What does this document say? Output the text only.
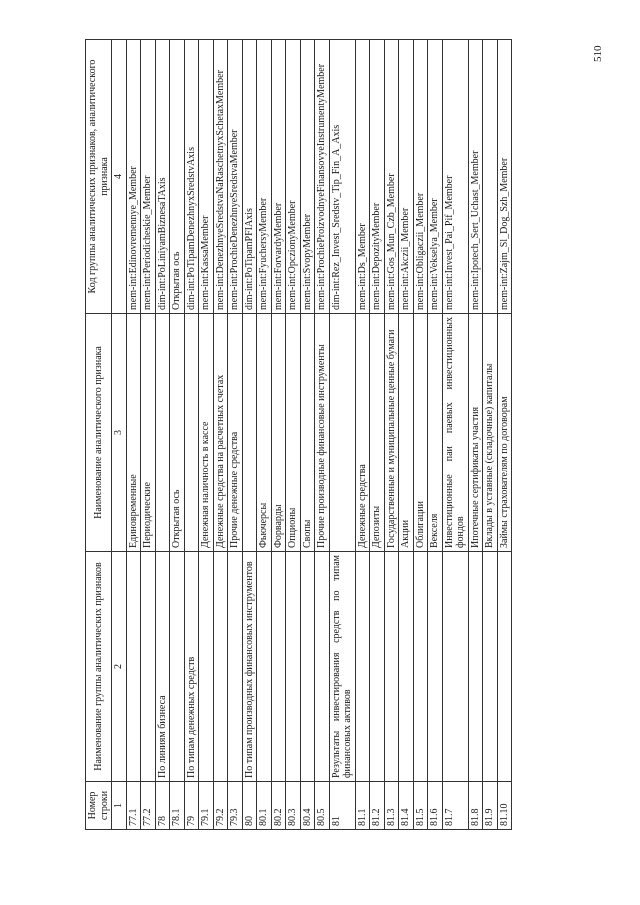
510
Номер строки	Наименование группы аналитических признаков	Наименование аналитического признака	Код группы аналитических признаков, аналитического признака
1	2	3	4
77.1		Единовременные	mem-int:Edinovremennye_Member
77.2		Периодические	mem-int:Periodicheskie_Member
78	По линиям бизнеса		dim-int:PoLiniyamBiznesaTAxis
78.1		Открытая ось	Открытая ось
79	По типам денежных средств		dim-int:PoTipamDenezhnyxSredstvAxis
79.1		Денежная наличность в кассе	mem-int:KassaMember
79.2		Денежные средства на расчетных счетах	mem-int:DenezhnyeSredstvaNaRaschetnyxSchetaxMember
79.3		Прочие денежные средства	mem-int:ProchieDenezhnyeSredstvaMember
80	По типам производных финансовых инструментов		dim-int:PoTipamPFIAxis
80.1		Фьючерсы	mem-int:FyuchersyMember
80.2		Форварды	mem-int:ForvardyMember
80.3		Опционы	mem-int:OpczionyMember
80.4		Свопы	mem-int:SvopyMember
80.5		Прочие производные финансовые инструменты	mem-int:ProchieProizvodnyeFinansovyeInstrumentyMember
81	Результаты инвестирования средств по типам финансовых активов		dim-int:Rez_Invest_Sredstv_Tip_Fin_A_Axis
81.1		Денежные средства	mem-int:Ds_Member
81.2		Депозиты	mem-int:DepozityMember
81.3		Государственные и муниципальные ценные бумаги	mem-int:Gos_Mun_Czb_Member
81.4		Акции	mem-int:Akczii_Member
81.5		Облигации	mem-int:Obligaczii_Member
81.6		Векселя	mem-int:Vekselya_Member
81.7		Инвестиционные паи паевых инвестиционных фондов	mem-int:Invest_Pai_Pif_Member
81.8		Ипотечные сертификаты участия	mem-int:Ipotech_Sert_Uchast_Member
81.9		Вклады в уставные (складочные) капиталы	
81.10		Займы страхователям по договорам	mem-int:Zajm_Sl_Dog_Szh_Member
